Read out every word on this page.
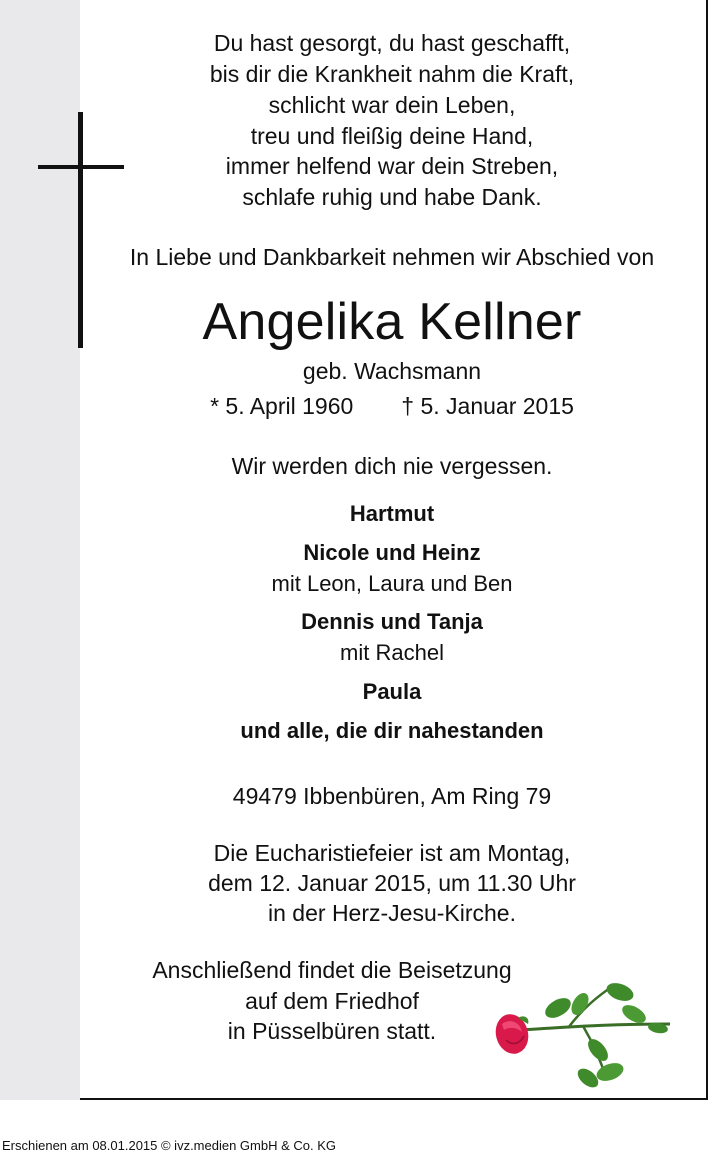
Du hast gesorgt, du hast geschafft,
bis dir die Krankheit nahm die Kraft,
schlicht war dein Leben,
treu und fleißig deine Hand,
immer helfend war dein Streben,
schlafe ruhig und habe Dank.
In Liebe und Dankbarkeit nehmen wir Abschied von
Angelika Kellner
geb. Wachsmann
* 5. April 1960 † 5. Januar 2015
Wir werden dich nie vergessen.
Hartmut
Nicole und Heinz
mit Leon, Laura und Ben
Dennis und Tanja
mit Rachel
Paula
und alle, die dir nahestanden
49479 Ibbenbüren, Am Ring 79
Die Eucharistiefeier ist am Montag,
dem 12. Januar 2015, um 11.30 Uhr
in der Herz-Jesu-Kirche.
Anschließend findet die Beisetzung
auf dem Friedhof
in Püsselbüren statt.
Erschienen am 08.01.2015 © ivz.medien GmbH & Co. KG
